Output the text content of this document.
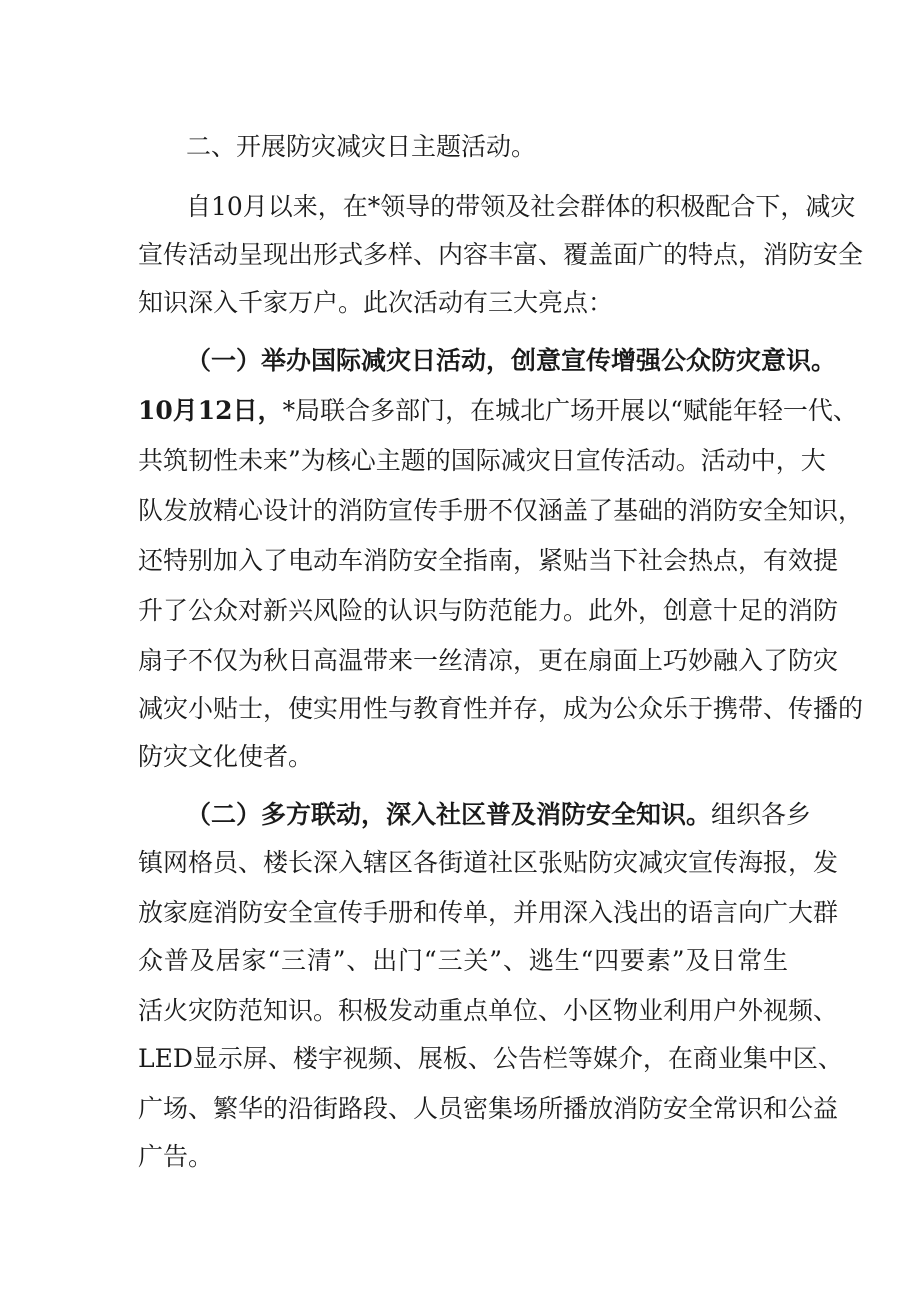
二、开展防灾减灾日主题活动。
自10月以来，在*领导的带领及社会群体的积极配合下，减灾
宣传活动呈现出形式多样、内容丰富、覆盖面广的特点，消防安全
知识深入千家万户。此次活动有三大亮点：
（一）举办国际减灾日活动，创意宣传增强公众防灾意识。
10月12日，*局联合多部门，在城北广场开展以“赋能年轻一代、
共筑韧性未来”为核心主题的国际减灾日宣传活动。活动中，大
队发放精心设计的消防宣传手册不仅涵盖了基础的消防安全知识，
还特别加入了电动车消防安全指南，紧贴当下社会热点，有效提
升了公众对新兴风险的认识与防范能力。此外，创意十足的消防
扇子不仅为秋日高温带来一丝清凉，更在扇面上巧妙融入了防灾
减灾小贴士，使实用性与教育性并存，成为公众乐于携带、传播的
防灾文化使者。
（二）多方联动，深入社区普及消防安全知识。组织各乡
镇网格员、楼长深入辖区各街道社区张贴防灾减灾宣传海报，发
放家庭消防安全宣传手册和传单，并用深入浅出的语言向广大群
众普及居家“三清”、出门“三关”、逃生“四要素”及日常生
活火灾防范知识。积极发动重点单位、小区物业利用户外视频、
LED显示屏、楼宇视频、展板、公告栏等媒介，在商业集中区、
广场、繁华的沿街路段、人员密集场所播放消防安全常识和公益
广告。
